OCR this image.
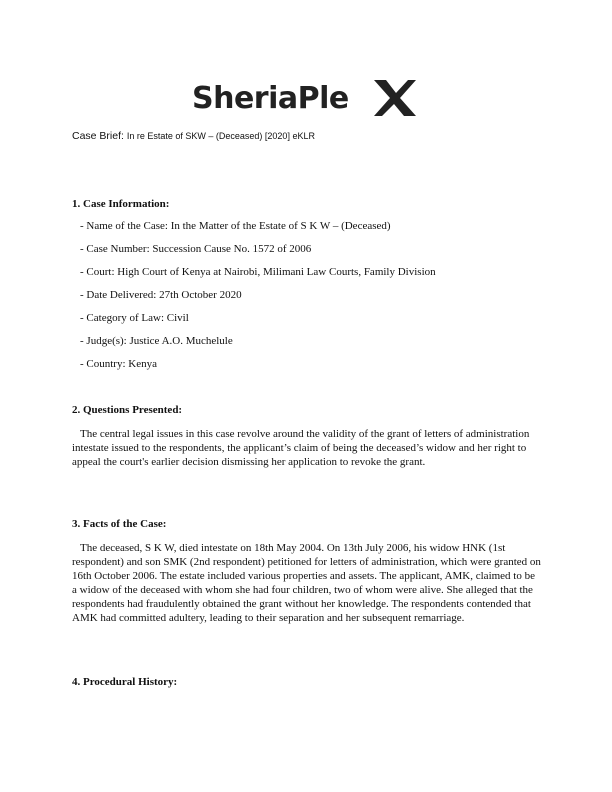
SheriaPle
Case Brief: In re Estate of SKW – (Deceased) [2020] eKLR
1. Case Information:
- Name of the Case: In the Matter of the Estate of S K W – (Deceased)
- Case Number: Succession Cause No. 1572 of 2006
- Court: High Court of Kenya at Nairobi, Milimani Law Courts, Family Division
- Date Delivered: 27th October 2020
- Category of Law: Civil
- Judge(s): Justice A.O. Muchelule
- Country: Kenya
2. Questions Presented:

The central legal issues in this case revolve around the validity of the grant of letters of administration intestate issued to the respondents, the applicant’s claim of being the deceased’s widow and her right to appeal the court's earlier decision dismissing her application to revoke the grant.

3. Facts of the Case:

The deceased, S K W, died intestate on 18th May 2004. On 13th July 2006, his widow HNK (1st respondent) and son SMK (2nd respondent) petitioned for letters of administration, which were granted on 16th October 2006. The estate included various properties and assets. The applicant, AMK, claimed to be a widow of the deceased with whom she had four children, two of whom were alive. She alleged that the respondents had fraudulently obtained the grant without her knowledge. The respondents contended that AMK had committed adultery, leading to their separation and her subsequent remarriage.

4. Procedural History:
